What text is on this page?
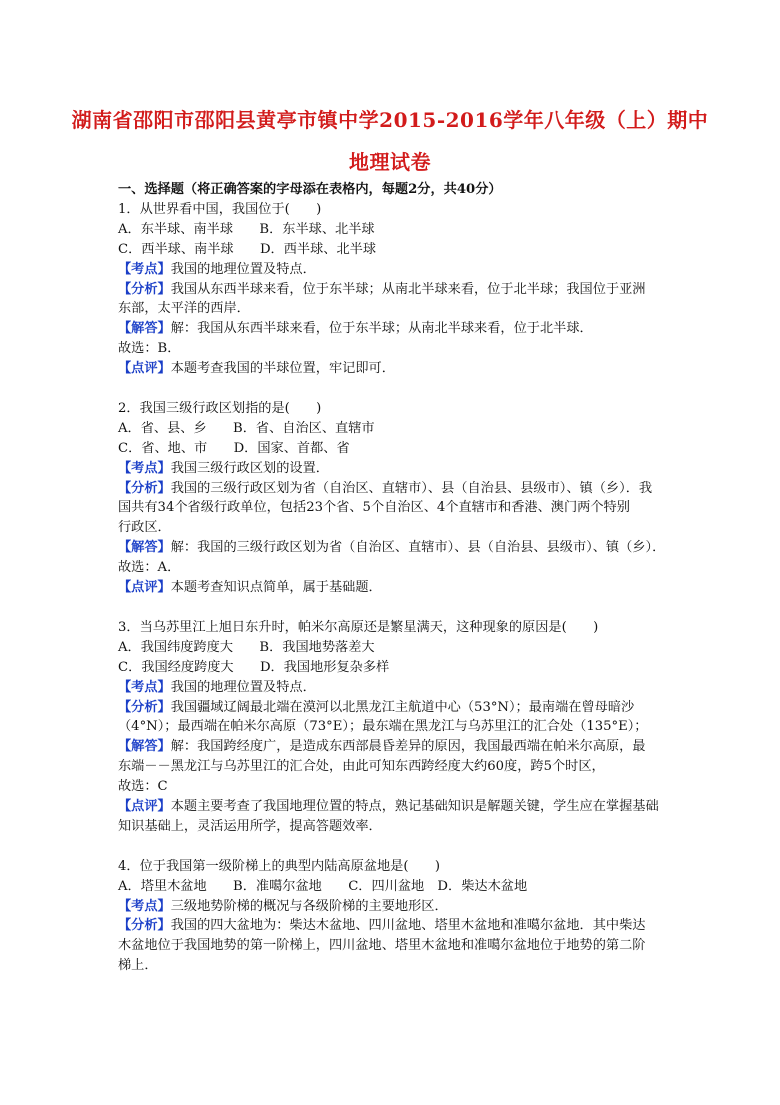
湖南省邵阳市邵阳县黄亭市镇中学2015-2016学年八年级（上）期中
地理试卷
一、选择题（将正确答案的字母添在表格内，每题2分，共40分）
1．从世界看中国，我国位于(　　)
A．东半球、南半球　　B．东半球、北半球
C．西半球、南半球　　D．西半球、北半球
【考点】我国的地理位置及特点．
【分析】我国从东西半球来看，位于东半球；从南北半球来看，位于北半球；我国位于亚洲
东部，太平洋的西岸．
【解答】解：我国从东西半球来看，位于东半球；从南北半球来看，位于北半球．
故选：B．
【点评】本题考查我国的半球位置，牢记即可．
2．我国三级行政区划指的是(　　)
A．省、县、乡　　B．省、自治区、直辖市
C．省、地、市　　D．国家、首都、省
【考点】我国三级行政区划的设置．
【分析】我国的三级行政区划为省（自治区、直辖市）、县（自治县、县级市）、镇（乡）．我
国共有34个省级行政单位，包括23个省、5个自治区、4个直辖市和香港、澳门两个特别
行政区．
【解答】解：我国的三级行政区划为省（自治区、直辖市）、县（自治县、县级市）、镇（乡）．
故选：A．
【点评】本题考查知识点简单，属于基础题．
3．当乌苏里江上旭日东升时，帕米尔高原还是繁星满天，这种现象的原因是(　　)
A．我国纬度跨度大　　B．我国地势落差大
C．我国经度跨度大　　D．我国地形复杂多样
【考点】我国的地理位置及特点．
【分析】我国疆域辽阔最北端在漠河以北黑龙江主航道中心（53°N）；最南端在曾母暗沙
（4°N）；最西端在帕米尔高原（73°E）；最东端在黑龙江与乌苏里江的汇合处（135°E）；
【解答】解：我国跨经度广，是造成东西部晨昏差异的原因，我国最西端在帕米尔高原，最
东端－－黑龙江与乌苏里江的汇合处，由此可知东西跨经度大约60度，跨5个时区，
故选：C
【点评】本题主要考查了我国地理位置的特点，熟记基础知识是解题关键，学生应在掌握基础
知识基础上，灵活运用所学，提高答题效率．
4．位于我国第一级阶梯上的典型内陆高原盆地是(　　)
A．塔里木盆地　　B．准噶尔盆地　　C．四川盆地　D．柴达木盆地
【考点】三级地势阶梯的概况与各级阶梯的主要地形区．
【分析】我国的四大盆地为：柴达木盆地、四川盆地、塔里木盆地和准噶尔盆地．其中柴达
木盆地位于我国地势的第一阶梯上，四川盆地、塔里木盆地和准噶尔盆地位于地势的第二阶
梯上．
